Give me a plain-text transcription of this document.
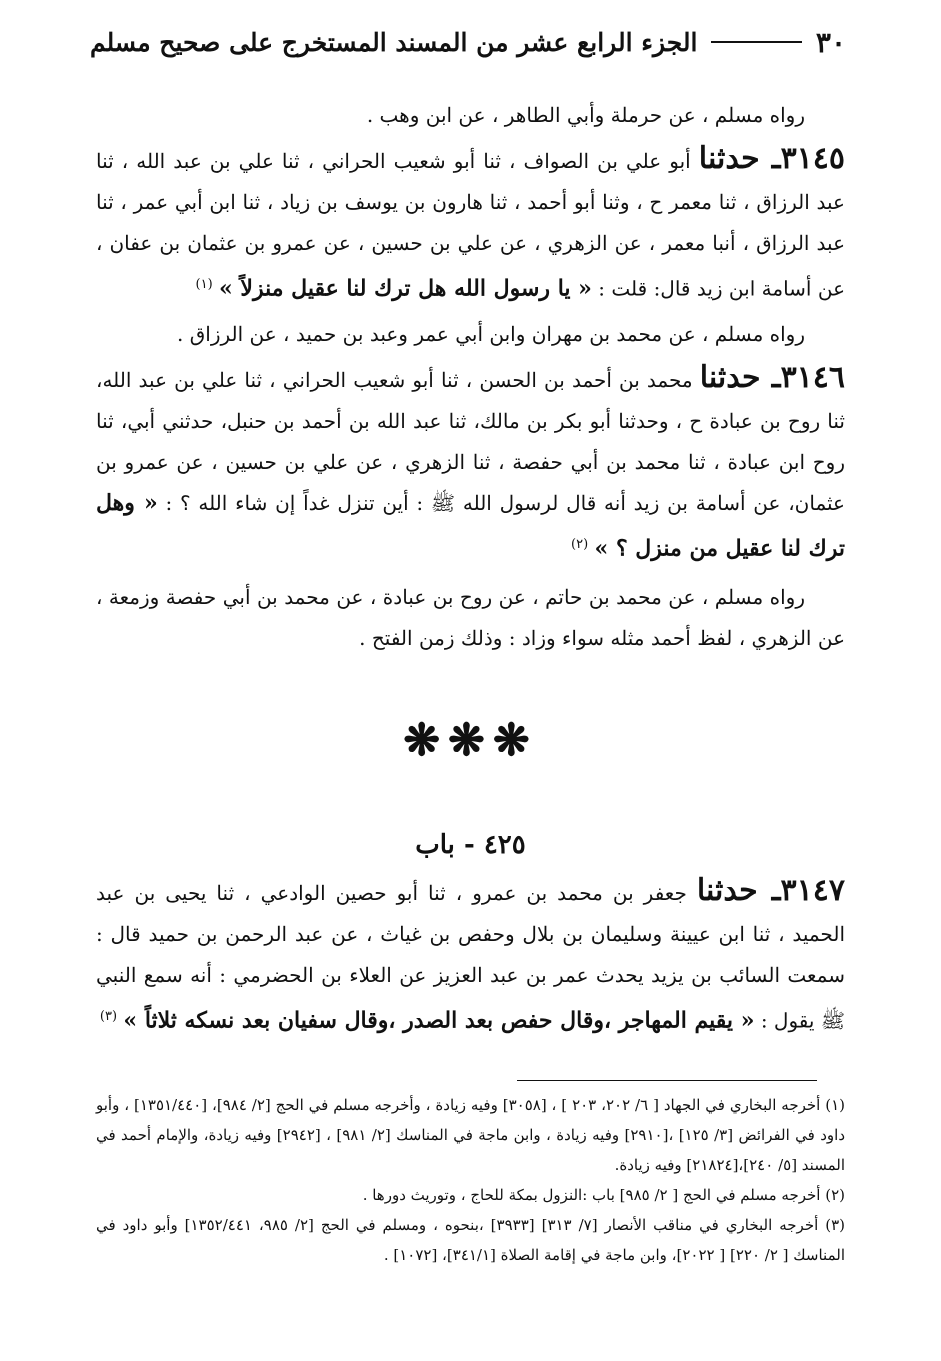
٣٠
الجزء الرابع عشر من المسند المستخرج على صحيح مسلم

رواه مسلم ، عن حرملة وأبي الطاهر ، عن ابن وهب .

٣١٤٥ـ حدثنا أبو علي بن الصواف ، ثنا أبو شعيب الحراني ، ثنا علي بن عبد الله ، ثنا عبد الرزاق ، ثنا معمر ح ، وثنا أبو أحمد ، ثنا هارون بن يوسف بن زياد ، ثنا ابن أبي عمر ، ثنا عبد الرزاق ، أنبا معمر ، عن الزهري ، عن علي بن حسين ، عن عمرو بن عثمان بن عفان ، عن أسامة ابن زيد قال: قلت : « يا رسول الله هل ترك لنا عقيل منزلاً » $^{(١)}$

رواه مسلم ، عن محمد بن مهران وابن أبي عمر وعبد بن حميد ، عن الرزاق .

٣١٤٦ـ حدثنا محمد بن أحمد بن الحسن ، ثنا أبو شعيب الحراني ، ثنا علي بن عبد الله، ثنا روح بن عبادة ح ، وحدثنا أبو بكر بن مالك، ثنا عبد الله بن أحمد بن حنبل، حدثني أبي، ثنا روح ابن عبادة ، ثنا محمد بن أبي حفصة ، ثنا الزهري ، عن علي بن حسين ، عن عمرو بن عثمان، عن أسامة بن زيد أنه قال لرسول الله ﷺ : أين تنزل غداً إن شاء الله ؟ : « وهل ترك لنا عقيل من منزل ؟ » $^{(٢)}$

رواه مسلم ، عن محمد بن حاتم ، عن روح بن عبادة ، عن محمد بن أبي حفصة وزمعة ، عن الزهري ، لفظ أحمد مثله سواء وزاد : وذلك زمن الفتح .

❋❋❋
٤٢٥ - باب

٣١٤٧ـ حدثنا جعفر بن محمد بن عمرو ، ثنا أبو حصين الوادعي ، ثنا يحيى بن عبد الحميد ، ثنا ابن عيينة وسليمان بن بلال وحفص بن غياث ، عن عبد الرحمن بن حميد قال : سمعت السائب بن يزيد يحدث عمر بن عبد العزيز عن العلاء بن الحضرمي : أنه سمع النبي ﷺ يقول : « يقيم المهاجر ،وقال حفص بعد الصدر ،وقال سفيان بعد نسكه ثلاثاً » $^{(٣)}$

(١) أخرجه البخاري في الجهاد [ ٦/ ٢٠٢، ٢٠٣ ] ، [٣٠٥٨] وفيه زيادة ، وأخرجه مسلم في الحج [٢/ ٩٨٤]، [١٣٥١/٤٤٠] ، وأبو داود في الفرائض [٣/ ١٢٥] ،[٢٩١٠] وفيه زيادة ، وابن ماجة في المناسك [٢/ ٩٨١] ، [٢٩٤٢] وفيه زيادة، والإمام أحمد في المسند [٥/ ٢٤٠]،[٢١٨٢٤] وفيه زيادة.

(٢) أخرجه مسلم في الحج [ ٢/ ٩٨٥] باب :النزول بمكة للحاج ، وتوريث دورها .

(٣) أخرجه البخاري في مناقب الأنصار [٧/ ٣١٣] [٣٩٣٣] ،بنحوه ، ومسلم في الحج [٢/ ٩٨٥، ١٣٥٢/٤٤١] وأبو داود في المناسك [ ٢/ ٢٢٠] [ ٢٠٢٢]، وابن ماجة في إقامة الصلاة [٣٤١/١]، [١٠٧٢] .
